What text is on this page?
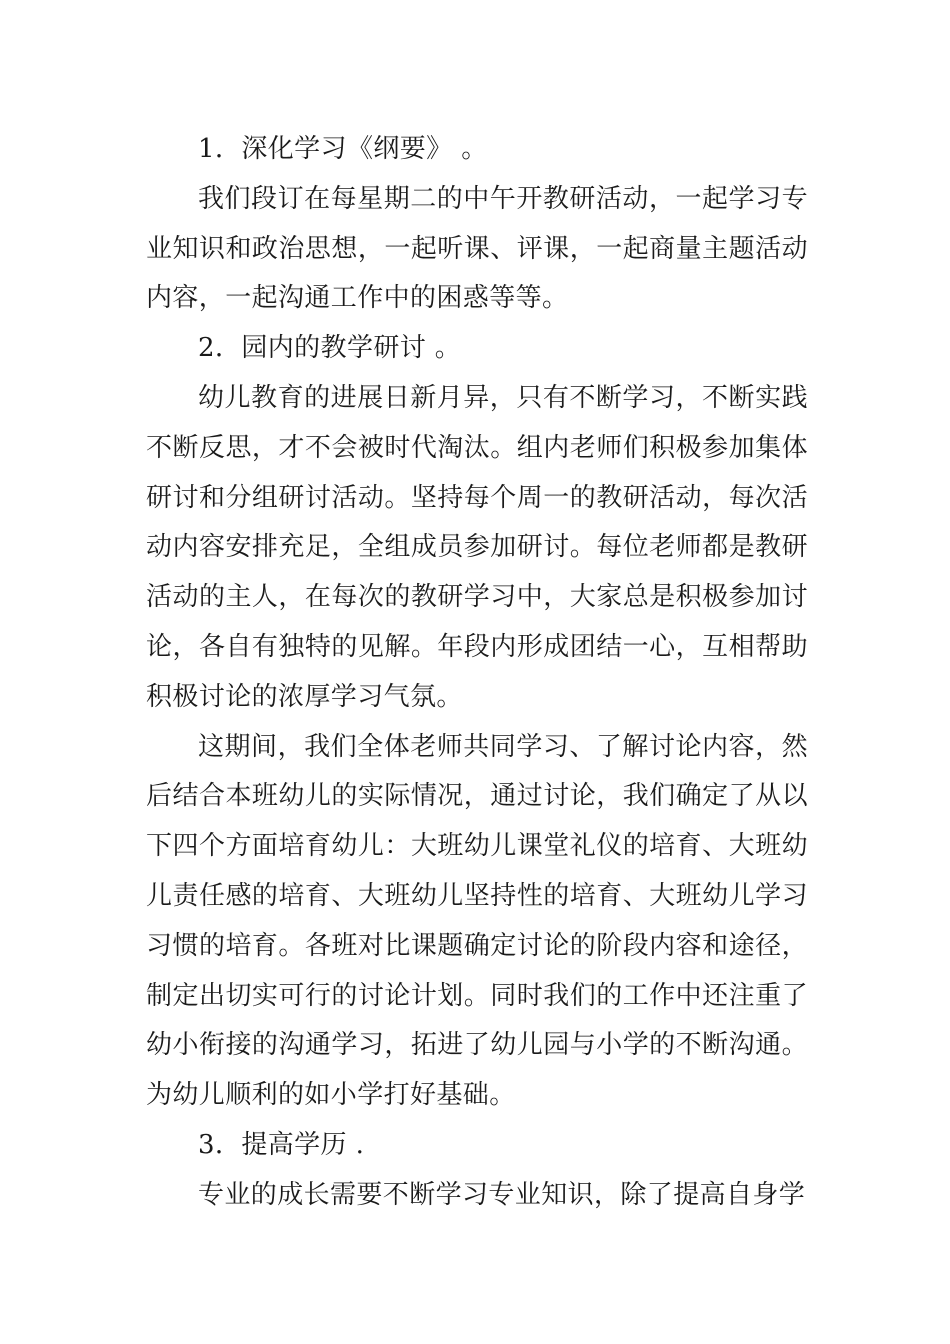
1．深化学习《纲要》 。

我们段订在每星期二的中午开教研活动，一起学习专业知识和政治思想，一起听课、评课，一起商量主题活动内容，一起沟通工作中的困惑等等。

2．园内的教学研讨 。

幼儿教育的进展日新月异，只有不断学习，不断实践不断反思，才不会被时代淘汰。组内老师们积极参加集体研讨和分组研讨活动。坚持每个周一的教研活动，每次活动内容安排充足，全组成员参加研讨。每位老师都是教研活动的主人，在每次的教研学习中，大家总是积极参加讨论，各自有独特的见解。年段内形成团结一心，互相帮助积极讨论的浓厚学习气氛。

这期间，我们全体老师共同学习、了解讨论内容，然后结合本班幼儿的实际情况，通过讨论，我们确定了从以下四个方面培育幼儿：大班幼儿课堂礼仪的培育、大班幼儿责任感的培育、大班幼儿坚持性的培育、大班幼儿学习习惯的培育。各班对比课题确定讨论的阶段内容和途径，制定出切实可行的讨论计划。同时我们的工作中还注重了幼小衔接的沟通学习，拓进了幼儿园与小学的不断沟通。为幼儿顺利的如小学打好基础。

3．提高学历 .

专业的成长需要不断学习专业知识，除了提高自身学
